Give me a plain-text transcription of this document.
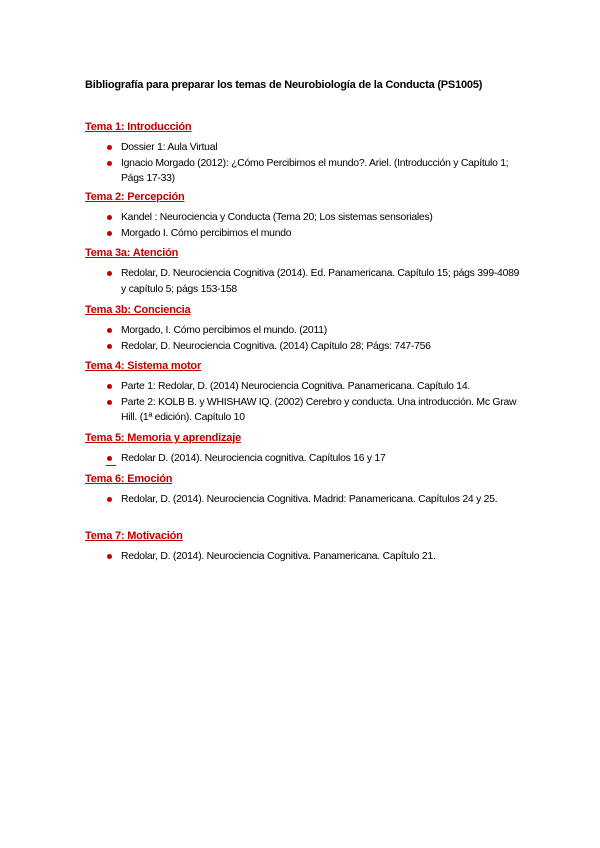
Bibliografía para preparar los temas de Neurobiología de la Conducta (PS1005)
Tema 1: Introducción
Dossier 1: Aula Virtual
Ignacio Morgado (2012): ¿Cómo Percibimos el mundo?. Ariel. (Introducción y Capítulo 1; Págs 17-33)
Tema 2: Percepción
Kandel : Neurociencia y Conducta (Tema 20; Los sistemas sensoriales)
Morgado I. Cómo percibimos el mundo
Tema 3a: Atención
Redolar, D. Neurociencia Cognitiva (2014). Ed. Panamericana. Capítulo 15; págs 399-4089 y capítulo 5; págs 153-158
Tema 3b: Conciencia
Morgado, I. Cómo percibimos el mundo. (2011)
Redolar, D. Neurociencia Cognitiva. (2014) Capítulo 28; Págs: 747-756
Tema 4: Sistema motor
Parte 1: Redolar, D. (2014) Neurociencia Cognitiva. Panamericana. Capítulo 14.
Parte 2: KOLB B. y WHISHAW IQ. (2002) Cerebro y conducta. Una introducción. Mc Graw Hill. (1ª edición). Capítulo 10
Tema 5: Memoria y aprendizaje
Redolar D. (2014). Neurociencia cognitiva. Capítulos 16 y 17
Tema 6: Emoción
Redolar, D. (2014). Neurociencia Cognitiva. Madrid: Panamericana. Capítulos 24 y 25.
Tema 7: Motivación
Redolar, D. (2014). Neurociencia Cognitiva. Panamericana. Capítulo 21.
